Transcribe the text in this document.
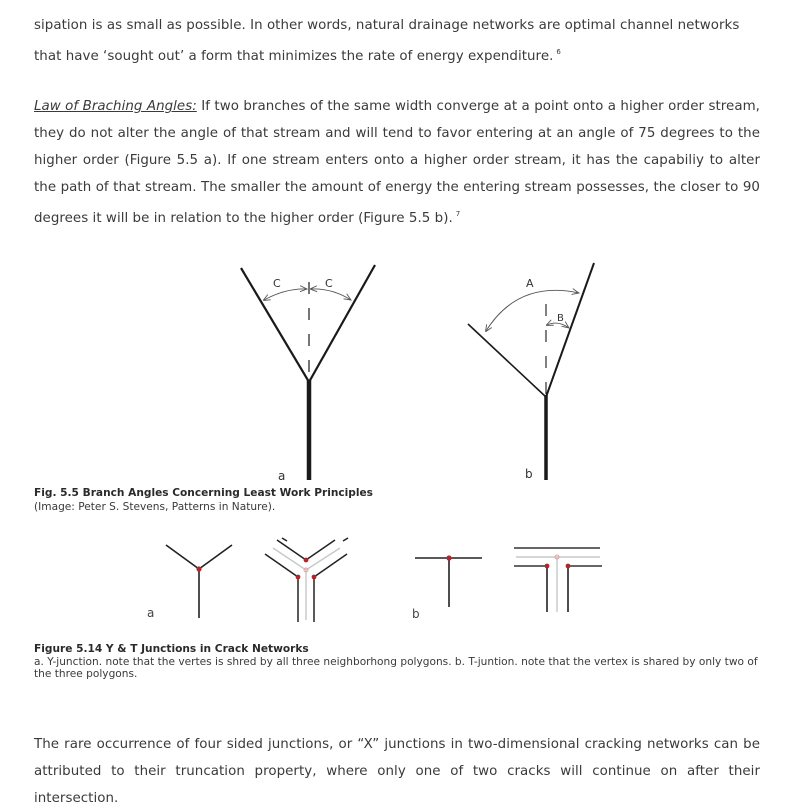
sipation is as small as possible. In other words, natural drainage networks are optimal channel networks that have ‘sought out’ a form that minimizes the rate of energy expenditure. $^6$
Law of Braching Angles: If two branches of the same width converge at a point onto a higher order stream, they do not alter the angle of that stream and will tend to favor entering at an angle of 75 degrees to the higher order (Figure 5.5 a). If one stream enters onto a higher order stream, it has the capabiliy to alter the path of that stream. The smaller the amount of energy the entering stream possesses, the closer to 90 degrees it will be in relation to the higher order (Figure 5.5 b). $^7$
C	C
a
A
B
b
a	b
Fig. 5.5 Branch Angles Concerning Least Work Principles
(Image: Peter S. Stevens, Patterns in Nature).
Figure 5.14 Y & T Junctions in Crack Networks
a. Y-junction. note that the vertes is shred by all three neighborhong polygons. b. T-juntion. note that the vertex is shared by only two of the three polygons.
The rare occurrence of four sided junctions, or “X” junctions in two-dimensional cracking networks can be attributed to their truncation property, where only one of two cracks will continue on after their intersection.
